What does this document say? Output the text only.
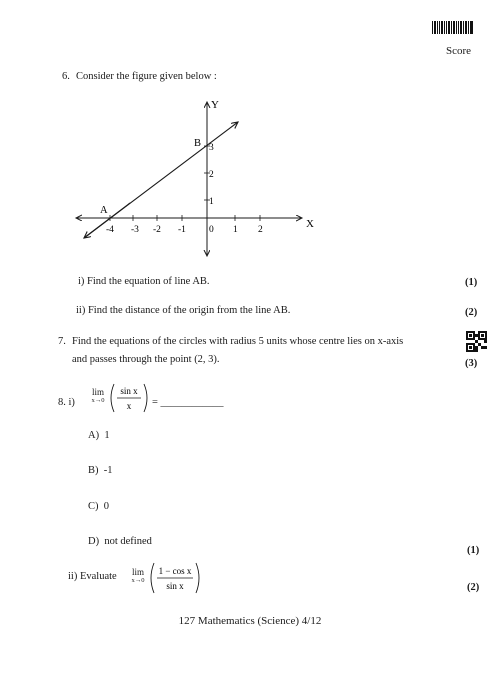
Score
6. Consider the figure given below :
X
Y
A
B
-4 -3 -2 -1 0 1 2
1
2
3
i) Find the equation of line AB.	(1)
ii) Find the distance of the origin from the line AB.	(2)
7. Find the equations of the circles with radius 5 units whose centre lies on x-axis
and passes through the point (2, 3).	(3)
8. i)
lim
x→0
sin x
x = ____________
A) 1
B) -1
C) 0
D) not defined
(1)
ii) Evaluate	lim
x→0
1 − cos x
sin x	(2)
127 Mathematics (Science) 4/12
